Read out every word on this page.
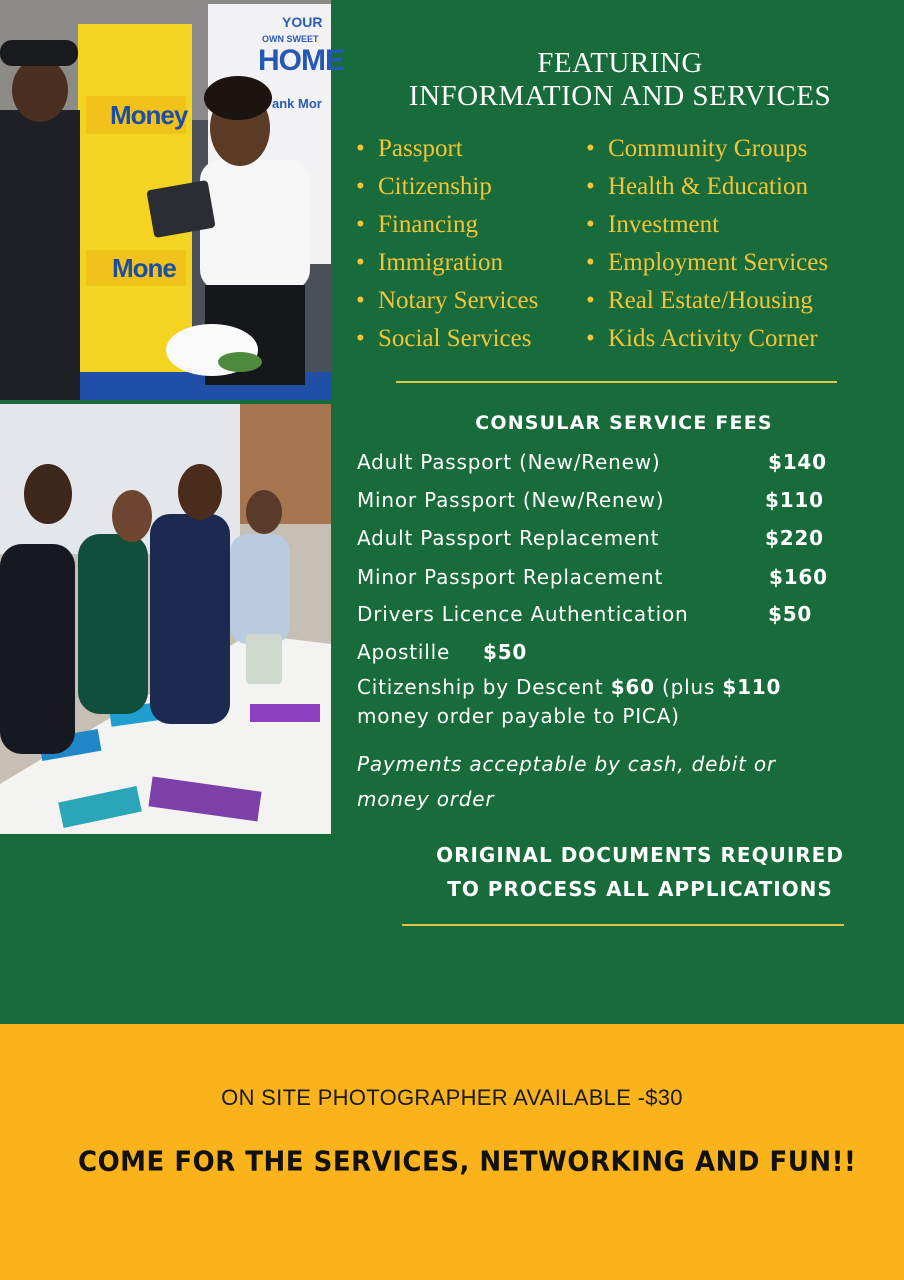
YOUR
OWN SWEET
HOME
ank Mor
Money
Mone
FEATURING
INFORMATION AND SERVICES
• Passport
• Citizenship
• Financing
• Immigration
• Notary Services
• Social Services
• Community Groups
• Health & Education
• Investment
• Employment Services
• Real Estate/Housing
• Kids Activity Corner
CONSULAR SERVICE FEES
Adult Passport (New/Renew)	$140
Minor Passport (New/Renew)	$110
Adult Passport Replacement	$220
Minor Passport Replacement	$160
Drivers Licence Authentication	$50
Apostille $50
Citizenship by Descent $60 (plus $110
money order payable to PICA)
Payments acceptable by cash, debit or
money order
ORIGINAL DOCUMENTS REQUIRED
TO PROCESS ALL APPLICATIONS
ON SITE PHOTOGRAPHER AVAILABLE -$30
COME FOR THE SERVICES, NETWORKING AND FUN!!
